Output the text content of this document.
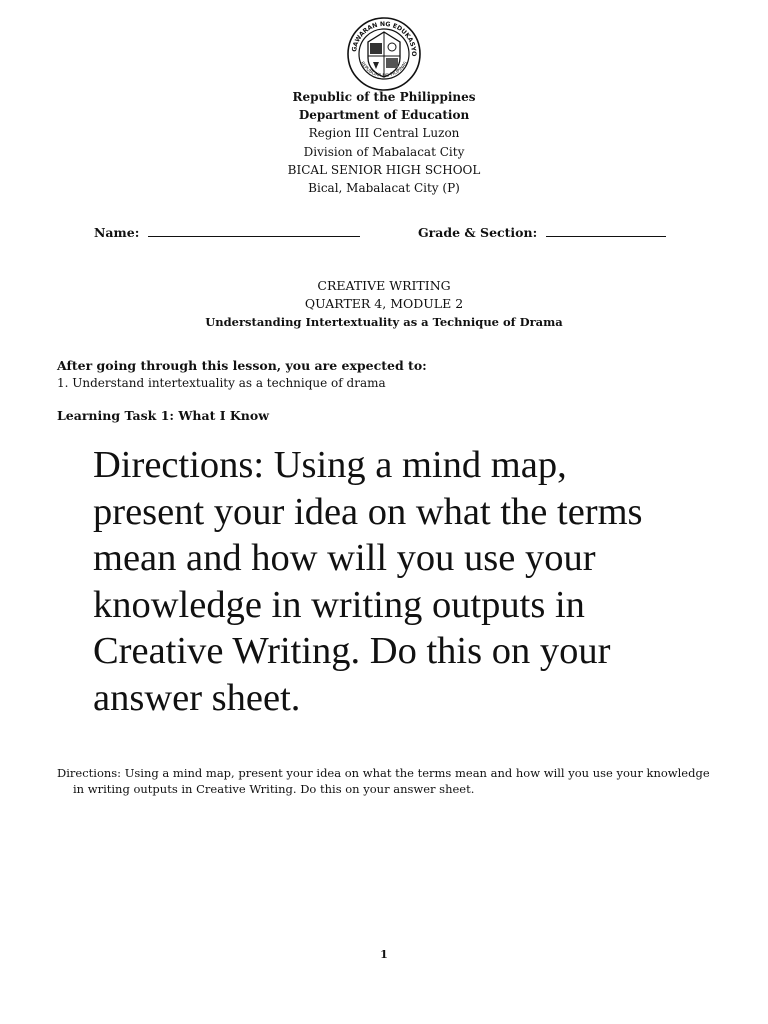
GAWARAN NG EDUKASYO
REPUBLIKA NG PILIPINAS
Republic of the Philippines
Department of Education
Region III Central Luzon
Division of Mabalacat City
BICAL SENIOR HIGH SCHOOL
Bical, Mabalacat City (P)
Name:	Grade & Section:
CREATIVE WRITING
QUARTER 4, MODULE 2
Understanding Intertextuality as a Technique of Drama
After going through this lesson, you are expected to:
1. Understand intertextuality as a technique of drama
Learning Task 1: What I Know
Directions: Using a mind map, present your idea on what the terms mean and how will you use your knowledge in writing outputs in Creative Writing. Do this on your answer sheet.
Directions: Using a mind map, present your idea on what the terms mean and how will you use your knowledge in writing outputs in Creative Writing. Do this on your answer sheet.
1
